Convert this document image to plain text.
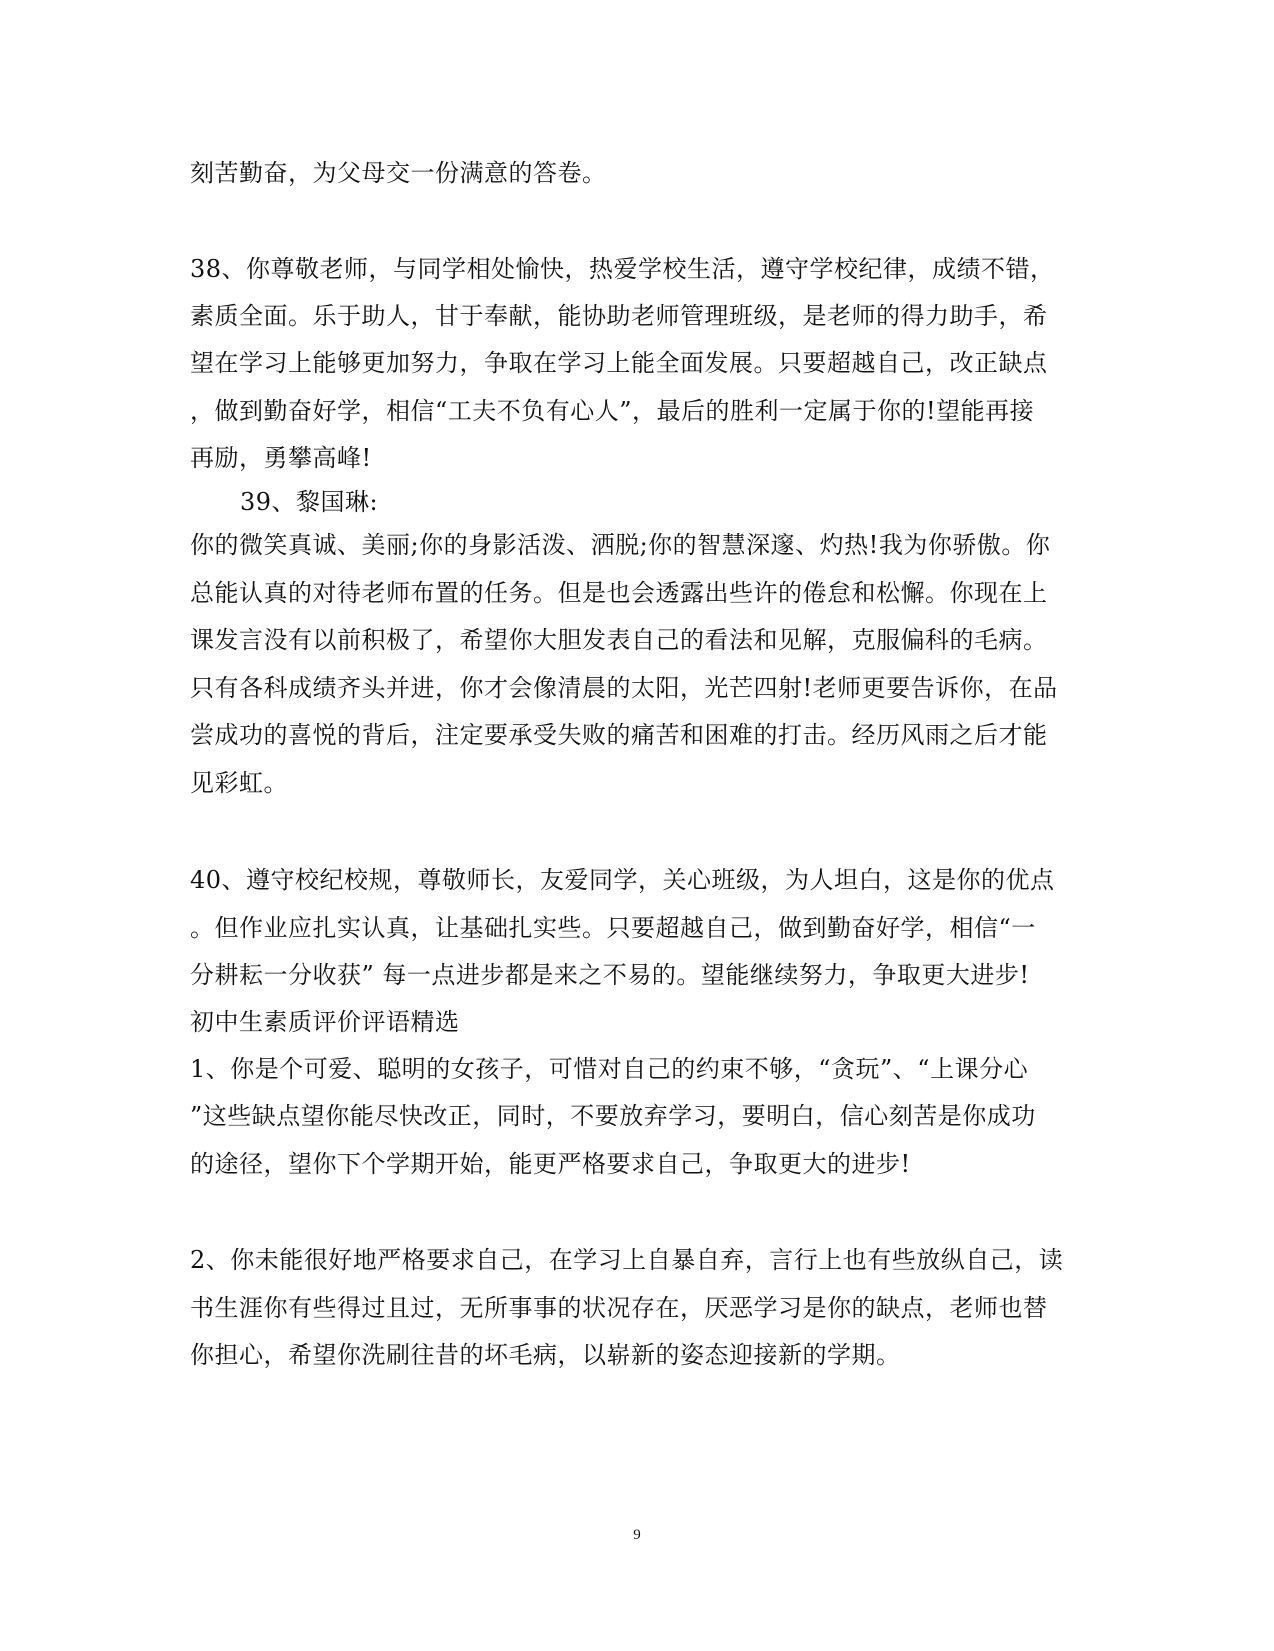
刻苦勤奋，为父母交一份满意的答卷。
38、你尊敬老师，与同学相处愉快，热爱学校生活，遵守学校纪律，成绩不错，
素质全面。乐于助人，甘于奉献，能协助老师管理班级，是老师的得力助手，希
望在学习上能够更加努力，争取在学习上能全面发展。只要超越自己，改正缺点
，做到勤奋好学，相信“工夫不负有心人”，最后的胜利一定属于你的!望能再接
再励，勇攀高峰!
39、黎国琳:
你的微笑真诚、美丽;你的身影活泼、洒脱;你的智慧深邃、灼热!我为你骄傲。你
总能认真的对待老师布置的任务。但是也会透露出些许的倦怠和松懈。你现在上
课发言没有以前积极了，希望你大胆发表自己的看法和见解，克服偏科的毛病。
只有各科成绩齐头并进，你才会像清晨的太阳，光芒四射!老师更要告诉你，在品
尝成功的喜悦的背后，注定要承受失败的痛苦和困难的打击。经历风雨之后才能
见彩虹。
40、遵守校纪校规，尊敬师长，友爱同学，关心班级，为人坦白，这是你的优点
。但作业应扎实认真，让基础扎实些。只要超越自己，做到勤奋好学，相信“一
分耕耘一分收获” 每一点进步都是来之不易的。望能继续努力，争取更大进步!
初中生素质评价评语精选
1、你是个可爱、聪明的女孩子，可惜对自己的约束不够，“贪玩”、“上课分心
”这些缺点望你能尽快改正，同时，不要放弃学习，要明白，信心刻苦是你成功
的途径，望你下个学期开始，能更严格要求自己，争取更大的进步!
2、你未能很好地严格要求自己，在学习上自暴自弃，言行上也有些放纵自己，读
书生涯你有些得过且过，无所事事的状况存在，厌恶学习是你的缺点，老师也替
你担心，希望你洗刷往昔的坏毛病，以崭新的姿态迎接新的学期。
9
